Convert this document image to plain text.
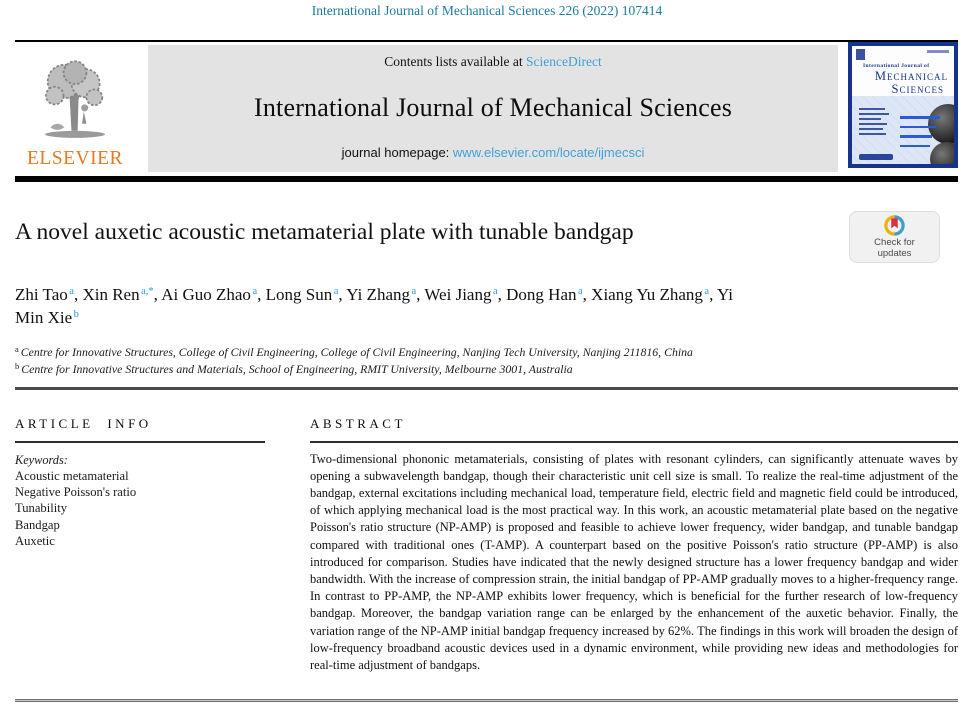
International Journal of Mechanical Sciences 226 (2022) 107414
ELSEVIER
Contents lists available at ScienceDirect
International Journal of Mechanical Sciences
journal homepage: www.elsevier.com/locate/ijmecsci
International Journal of
Mechanical
Sciences
A novel auxetic acoustic metamaterial plate with tunable bandgap	Check for
updates

Zhi Tao $^a$, Xin Ren $^{a,*}$, Ai Guo Zhao $^a$, Long Sun $^a$, Yi Zhang $^a$, Wei Jiang $^a$, Dong Han $^a$, Xiang Yu Zhang $^a$, Yi Min Xie $^b$

$^a$ Centre for Innovative Structures, College of Civil Engineering, College of Civil Engineering, Nanjing Tech University, Nanjing 211816, China
$^b$ Centre for Innovative Structures and Materials, School of Engineering, RMIT University, Melbourne 3001, Australia
ARTICLE INFO
Keywords:
Acoustic metamaterial
Negative Poisson's ratio
Tunability
Bandgap
Auxetic
ABSTRACT

Two-dimensional phononic metamaterials, consisting of plates with resonant cylinders, can significantly attenuate waves by opening a subwavelength bandgap, though their characteristic unit cell size is small. To realize the real-time adjustment of the bandgap, external excitations including mechanical load, temperature field, electric field and magnetic field could be introduced, of which applying mechanical load is the most practical way. In this work, an acoustic metamaterial plate based on the negative Poisson's ratio structure (NP-AMP) is proposed and feasible to achieve lower frequency, wider bandgap, and tunable bandgap compared with traditional ones (T-AMP). A counterpart based on the positive Poisson's ratio structure (PP-AMP) is also introduced for comparison. Studies have indicated that the newly designed structure has a lower frequency bandgap and wider bandwidth. With the increase of compression strain, the initial bandgap of PP-AMP gradually moves to a higher-frequency range. In contrast to PP-AMP, the NP-AMP exhibits lower frequency, which is beneficial for the further research of low-frequency bandgap. Moreover, the bandgap variation range can be enlarged by the enhancement of the auxetic behavior. Finally, the variation range of the NP-AMP initial bandgap frequency increased by 62%. The findings in this work will broaden the design of low-frequency broadband acoustic devices used in a dynamic environment, while providing new ideas and methodologies for real-time adjustment of bandgaps.
